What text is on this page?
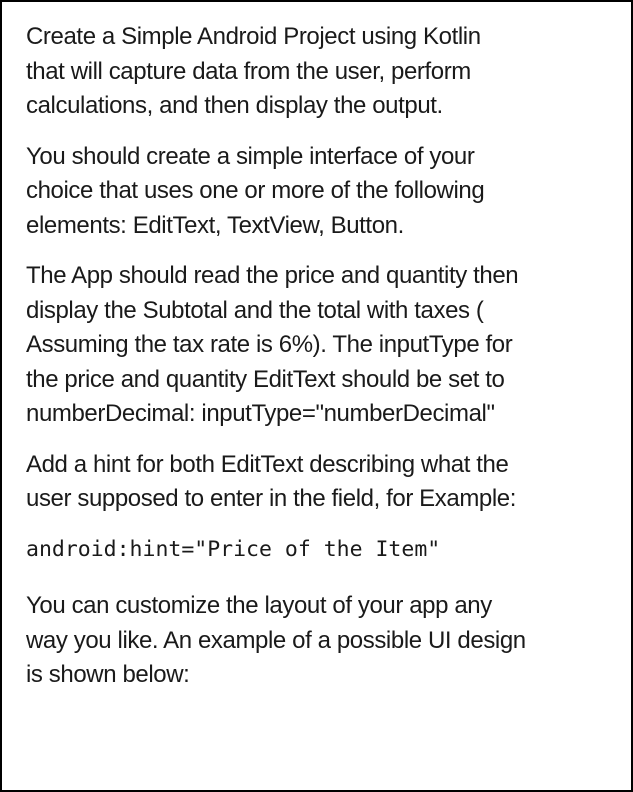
Create a Simple Android Project using Kotlin
that will capture data from the user, perform
calculations, and then display the output.

You should create a simple interface of your
choice that uses one or more of the following
elements: EditText, TextView, Button.

The App should read the price and quantity then
display the Subtotal and the total with taxes (
Assuming the tax rate is 6%). The inputType for
the price and quantity EditText should be set to
numberDecimal: inputType="numberDecimal"

Add a hint for both EditText describing what the
user supposed to enter in the field, for Example:

android:hint="Price of the Item"

You can customize the layout of your app any
way you like. An example of a possible UI design
is shown below:
